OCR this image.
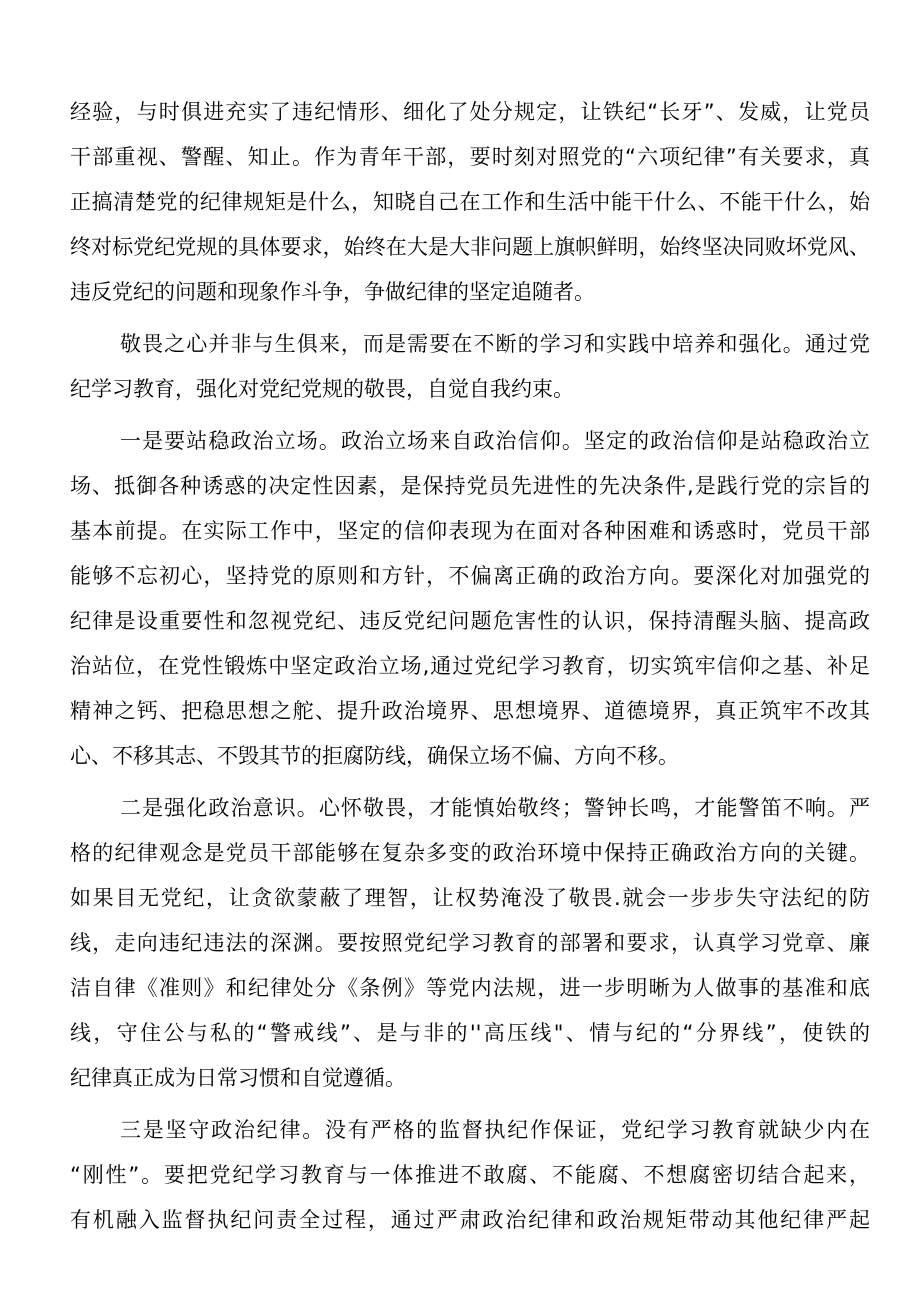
经验，与时俱进充实了违纪情形、细化了处分规定，让铁纪“长牙”、发威，让党员
干部重视、警醒、知止。作为青年干部，要时刻对照党的“六项纪律”有关要求，真
正搞清楚党的纪律规矩是什么，知晓自己在工作和生活中能干什么、不能干什么，始
终对标党纪党规的具体要求，始终在大是大非问题上旗帜鲜明，始终坚决同败坏党风、
违反党纪的问题和现象作斗争，争做纪律的坚定追随者。
敬畏之心并非与生俱来，而是需要在不断的学习和实践中培养和强化。通过党
纪学习教育，强化对党纪党规的敬畏，自觉自我约束。
一是要站稳政治立场。政治立场来自政治信仰。坚定的政治信仰是站稳政治立
场、抵御各种诱惑的决定性因素，是保持党员先进性的先决条件,是践行党的宗旨的
基本前提。在实际工作中，坚定的信仰表现为在面对各种困难和诱惑时，党员干部
能够不忘初心，坚持党的原则和方针，不偏离正确的政治方向。要深化对加强党的
纪律是设重要性和忽视党纪、违反党纪问题危害性的认识，保持清醒头脑、提高政
治站位，在党性锻炼中坚定政治立场,通过党纪学习教育，切实筑牢信仰之基、补足
精神之钙、把稳思想之舵、提升政治境界、思想境界、道德境界，真正筑牢不改其
心、不移其志、不毁其节的拒腐防线，确保立场不偏、方向不移。
二是强化政治意识。心怀敬畏，才能慎始敬终；警钟长鸣，才能警笛不响。严
格的纪律观念是党员干部能够在复杂多变的政治环境中保持正确政治方向的关键。
如果目无党纪，让贪欲蒙蔽了理智，让权势淹没了敬畏.就会一步步失守法纪的防
线，走向违纪违法的深渊。要按照党纪学习教育的部署和要求，认真学习党章、廉
洁自律《准则》和纪律处分《条例》等党内法规，进一步明晰为人做事的基准和底
线，守住公与私的“警戒线”、是与非的''高压线"、情与纪的“分界线”，使铁的
纪律真正成为日常习惯和自觉遵循。
三是坚守政治纪律。没有严格的监督执纪作保证，党纪学习教育就缺少内在
“刚性”。要把党纪学习教育与一体推进不敢腐、不能腐、不想腐密切结合起来，
有机融入监督执纪问责全过程，通过严肃政治纪律和政治规矩带动其他纪律严起
